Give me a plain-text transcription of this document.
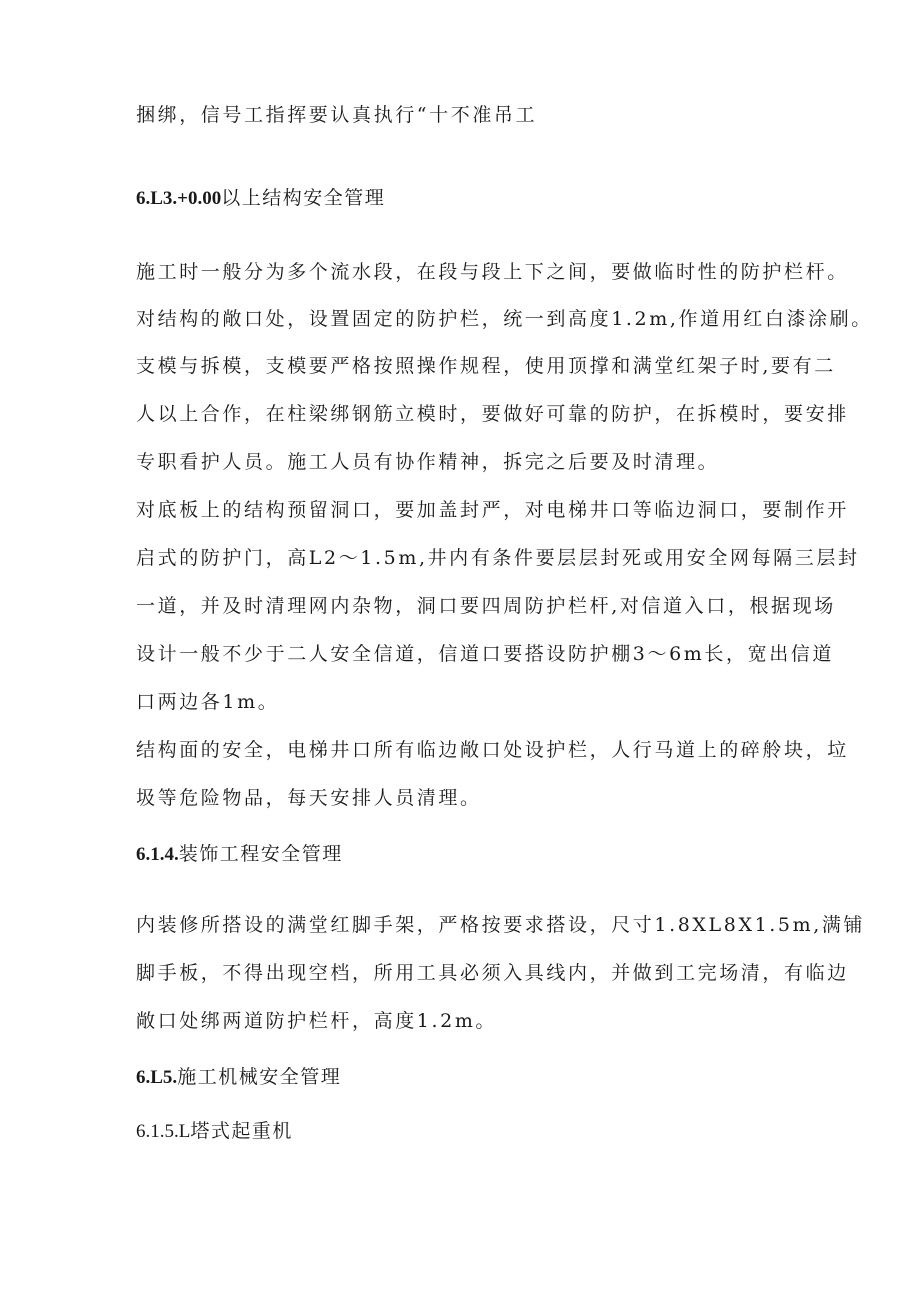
捆绑，信号工指挥要认真执行“十不准吊工
6.L3.+0.00以上结构安全管理
施工时一般分为多个流水段，在段与段上下之间，要做临时性的防护栏杆。
对结构的敞口处，设置固定的防护栏，统一到高度1.2m,作道用红白漆涂刷。
支模与拆模，支模要严格按照操作规程，使用顶撑和满堂红架子时,要有二
人以上合作，在柱梁绑钢筋立模时，要做好可靠的防护，在拆模时，要安排
专职看护人员。施工人员有协作精神，拆完之后要及时清理。
对底板上的结构预留洞口，要加盖封严，对电梯井口等临边洞口，要制作开
启式的防护门，高L2～1.5m,井内有条件要层层封死或用安全网每隔三层封
一道，并及时清理网内杂物，洞口要四周防护栏杆,对信道入口，根据现场
设计一般不少于二人安全信道，信道口要搭设防护棚3～6m长，宽出信道
口两边各1m。
结构面的安全，电梯井口所有临边敞口处设护栏，人行马道上的碎舲块，垃
圾等危险物品，每天安排人员清理。
6.1.4.装饰工程安全管理
内装修所搭设的满堂红脚手架，严格按要求搭设，尺寸1.8XL8X1.5m,满铺
脚手板，不得出现空档，所用工具必须入具线内，并做到工完场清，有临边
敞口处绑两道防护栏杆，高度1.2m。
6.L5.施工机械安全管理
6.1.5.L塔式起重机
